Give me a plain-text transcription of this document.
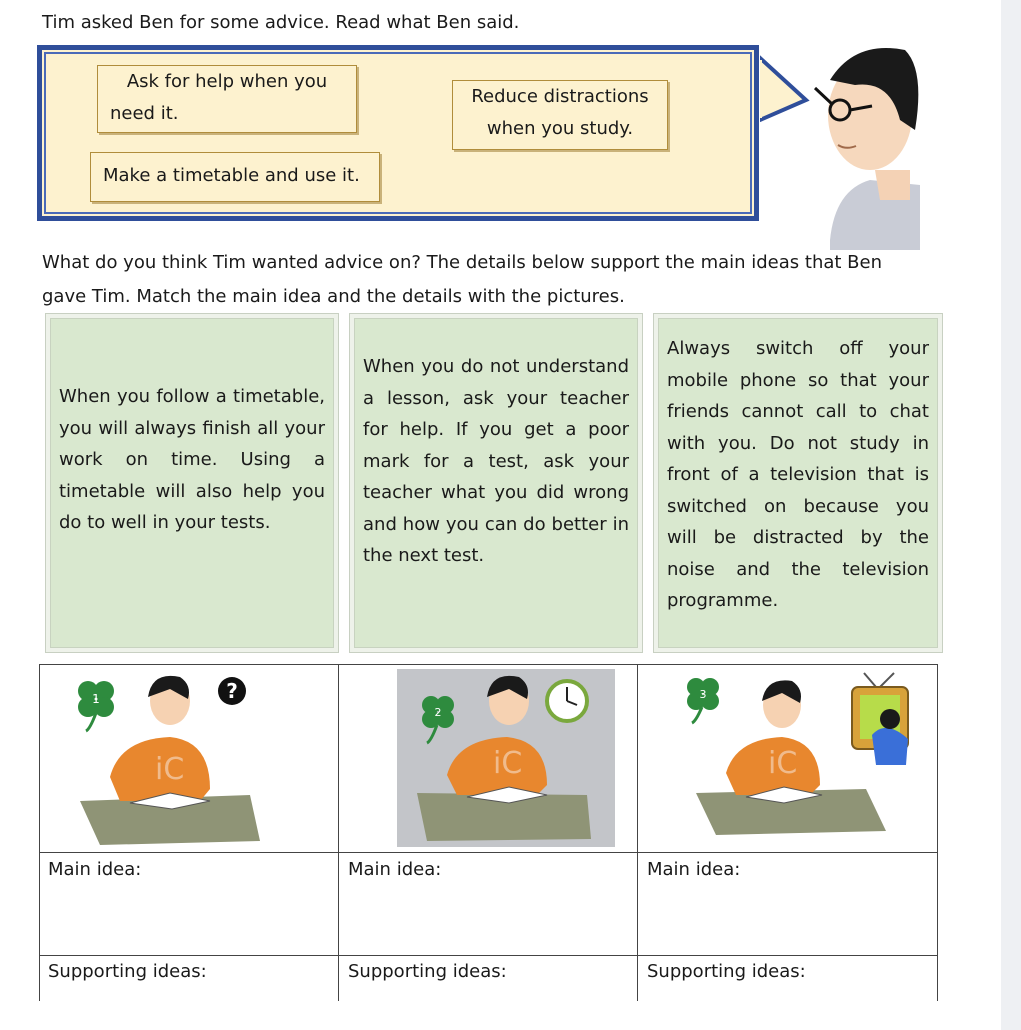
Tim asked Ben for some advice. Read what Ben said.
Ask for help when you
need it.
Reduce distractions
when you study.
Make a timetable and use it.
What do you think Tim wanted advice on? The details below support the main ideas that Ben gave Tim. Match the main idea and the details with the pictures.

When you follow a timetable, you will always finish all your work on time. Using a timetable will also help you do to well in your tests.

When you do not understand a lesson, ask your teacher for help. If you get a poor mark for a test, ask your teacher what you did wrong and how you can do better in the next test.

Always switch off your mobile phone so that your friends cannot call to chat with you. Do not study in front of a television that is switched on because you will be distracted by the noise and the television programme.

1	?
iC
2
iC
3
iC
Main idea:	Main idea:	Main idea:
Supporting ideas:	Supporting ideas:	Supporting ideas:
